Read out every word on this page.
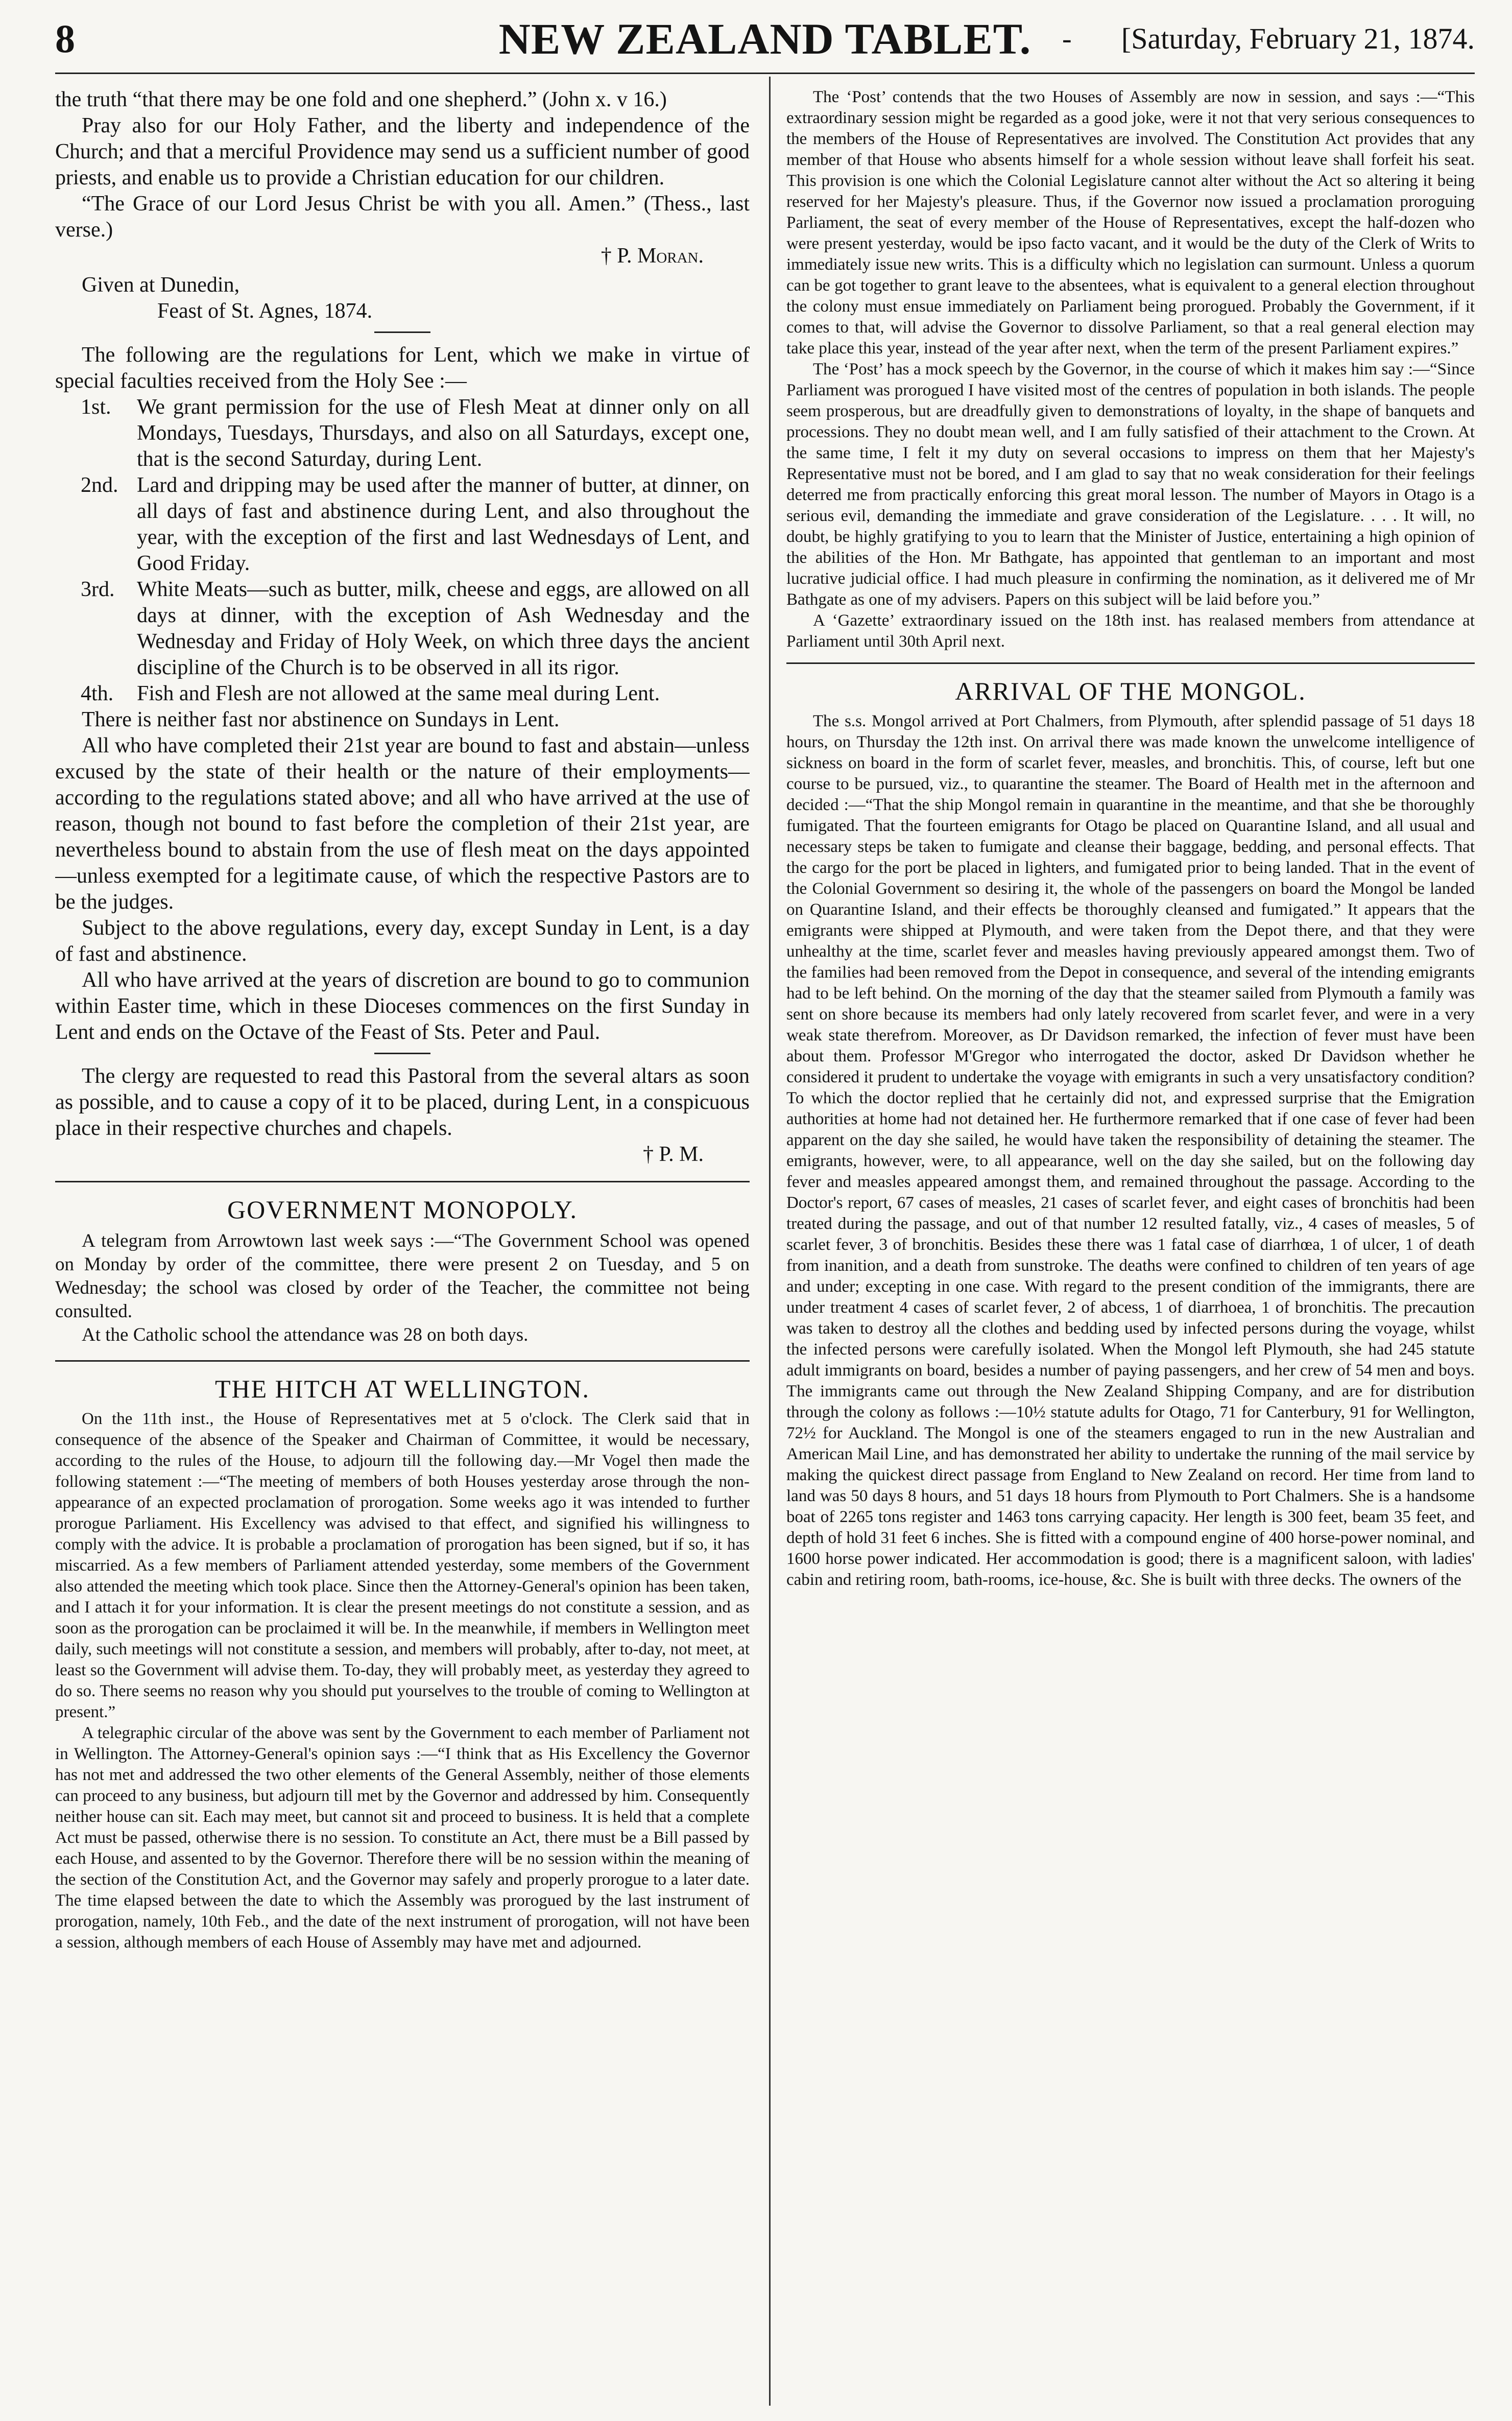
8	NEW ZEALAND TABLET.	- [Saturday, February 21, 1874.

the truth “that there may be one fold and one shepherd.” (John x. v 16.)

Pray also for our Holy Father, and the liberty and independence of the Church; and that a merciful Providence may send us a sufficient number of good priests, and enable us to provide a Christian education for our children.

“The Grace of our Lord Jesus Christ be with you all. Amen.” (Thess., last verse.)

† P. Moran.

Given at Dunedin,

Feast of St. Agnes, 1874.

The following are the regulations for Lent, which we make in virtue of special faculties received from the Holy See :—

1st.	We grant permission for the use of Flesh Meat at dinner only on all Mondays, Tuesdays, Thursdays, and also on all Saturdays, except one, that is the second Saturday, during Lent.
2nd. Lard and dripping may be used after the manner of butter, at dinner, on all days of fast and abstinence during Lent, and also throughout the year, with the exception of the first and last Wednesdays of Lent, and Good Friday.
3rd.	White Meats—such as butter, milk, cheese and eggs, are allowed on all days at dinner, with the exception of Ash Wednesday and the Wednesday and Friday of Holy Week, on which three days the ancient discipline of the Church is to be observed in all its rigor.
4th.	Fish and Flesh are not allowed at the same meal during Lent.

There is neither fast nor abstinence on Sundays in Lent.

All who have completed their 21st year are bound to fast and abstain—unless excused by the state of their health or the nature of their employments—according to the regulations stated above; and all who have arrived at the use of reason, though not bound to fast before the completion of their 21st year, are nevertheless bound to abstain from the use of flesh meat on the days appointed—unless exempted for a legitimate cause, of which the respective Pastors are to be the judges.

Subject to the above regulations, every day, except Sunday in Lent, is a day of fast and abstinence.

All who have arrived at the years of discretion are bound to go to communion within Easter time, which in these Dioceses commences on the first Sunday in Lent and ends on the Octave of the Feast of Sts. Peter and Paul.

The clergy are requested to read this Pastoral from the several altars as soon as possible, and to cause a copy of it to be placed, during Lent, in a conspicuous place in their respective churches and chapels.

† P. M.

GOVERNMENT MONOPOLY.

A telegram from Arrowtown last week says :—“The Government School was opened on Monday by order of the committee, there were present 2 on Tuesday, and 5 on Wednesday; the school was closed by order of the Teacher, the committee not being consulted.

At the Catholic school the attendance was 28 on both days.

THE HITCH AT WELLINGTON.

On the 11th inst., the House of Representatives met at 5 o'clock. The Clerk said that in consequence of the absence of the Speaker and Chairman of Committee, it would be necessary, according to the rules of the House, to adjourn till the following day.—Mr Vogel then made the following statement :—“The meeting of members of both Houses yesterday arose through the non-appearance of an expected proclamation of prorogation. Some weeks ago it was intended to further prorogue Parliament. His Excellency was advised to that effect, and signified his willingness to comply with the advice. It is probable a proclamation of prorogation has been signed, but if so, it has miscarried. As a few members of Parliament attended yesterday, some members of the Government also attended the meeting which took place. Since then the Attorney-General's opinion has been taken, and I attach it for your information. It is clear the present meetings do not constitute a session, and as soon as the prorogation can be proclaimed it will be. In the meanwhile, if members in Wellington meet daily, such meetings will not constitute a session, and members will probably, after to-day, not meet, at least so the Government will advise them. To-day, they will probably meet, as yesterday they agreed to do so. There seems no reason why you should put yourselves to the trouble of coming to Wellington at present.”

A telegraphic circular of the above was sent by the Government to each member of Parliament not in Wellington. The Attorney-General's opinion says :—“I think that as His Excellency the Governor has not met and addressed the two other elements of the General Assembly, neither of those elements can proceed to any business, but adjourn till met by the Governor and addressed by him. Consequently neither house can sit. Each may meet, but cannot sit and proceed to business. It is held that a complete Act must be passed, otherwise there is no session. To constitute an Act, there must be a Bill passed by each House, and assented to by the Governor. Therefore there will be no session within the meaning of the section of the Constitution Act, and the Governor may safely and properly prorogue to a later date. The time elapsed between the date to which the Assembly was prorogued by the last instrument of prorogation, namely, 10th Feb., and the date of the next instrument of prorogation, will not have been a session, although members of each House of Assembly may have met and adjourned.

The ‘Post’ contends that the two Houses of Assembly are now in session, and says :—“This extraordinary session might be regarded as a good joke, were it not that very serious consequences to the members of the House of Representatives are involved. The Constitution Act provides that any member of that House who absents himself for a whole session without leave shall forfeit his seat. This provision is one which the Colonial Legislature cannot alter without the Act so altering it being reserved for her Majesty's pleasure. Thus, if the Governor now issued a proclamation proroguing Parliament, the seat of every member of the House of Representatives, except the half-dozen who were present yesterday, would be ipso facto vacant, and it would be the duty of the Clerk of Writs to immediately issue new writs. This is a difficulty which no legislation can surmount. Unless a quorum can be got together to grant leave to the absentees, what is equivalent to a general election throughout the colony must ensue immediately on Parliament being prorogued. Probably the Government, if it comes to that, will advise the Governor to dissolve Parliament, so that a real general election may take place this year, instead of the year after next, when the term of the present Parliament expires.”

The ‘Post’ has a mock speech by the Governor, in the course of which it makes him say :—“Since Parliament was prorogued I have visited most of the centres of population in both islands. The people seem prosperous, but are dreadfully given to demonstrations of loyalty, in the shape of banquets and processions. They no doubt mean well, and I am fully satisfied of their attachment to the Crown. At the same time, I felt it my duty on several occasions to impress on them that her Majesty's Representative must not be bored, and I am glad to say that no weak consideration for their feelings deterred me from practically enforcing this great moral lesson. The number of Mayors in Otago is a serious evil, demanding the immediate and grave consideration of the Legislature. . . . It will, no doubt, be highly gratifying to you to learn that the Minister of Justice, entertaining a high opinion of the abilities of the Hon. Mr Bathgate, has appointed that gentleman to an important and most lucrative judicial office. I had much pleasure in confirming the nomination, as it delivered me of Mr Bathgate as one of my advisers. Papers on this subject will be laid before you.”

A ‘Gazette’ extraordinary issued on the 18th inst. has realased members from attendance at Parliament until 30th April next.

ARRIVAL OF THE MONGOL.

The s.s. Mongol arrived at Port Chalmers, from Plymouth, after splendid passage of 51 days 18 hours, on Thursday the 12th inst. On arrival there was made known the unwelcome intelligence of sickness on board in the form of scarlet fever, measles, and bronchitis. This, of course, left but one course to be pursued, viz., to quarantine the steamer. The Board of Health met in the afternoon and decided :—“That the ship Mongol remain in quarantine in the meantime, and that she be thoroughly fumigated. That the fourteen emigrants for Otago be placed on Quarantine Island, and all usual and necessary steps be taken to fumigate and cleanse their baggage, bedding, and personal effects. That the cargo for the port be placed in lighters, and fumigated prior to being landed. That in the event of the Colonial Government so desiring it, the whole of the passengers on board the Mongol be landed on Quarantine Island, and their effects be thoroughly cleansed and fumigated.” It appears that the emigrants were shipped at Plymouth, and were taken from the Depot there, and that they were unhealthy at the time, scarlet fever and measles having previously appeared amongst them. Two of the families had been removed from the Depot in consequence, and several of the intending emigrants had to be left behind. On the morning of the day that the steamer sailed from Plymouth a family was sent on shore because its members had only lately recovered from scarlet fever, and were in a very weak state therefrom. Moreover, as Dr Davidson remarked, the infection of fever must have been about them. Professor M'Gregor who interrogated the doctor, asked Dr Davidson whether he considered it prudent to undertake the voyage with emigrants in such a very unsatisfactory condition? To which the doctor replied that he certainly did not, and expressed surprise that the Emigration authorities at home had not detained her. He furthermore remarked that if one case of fever had been apparent on the day she sailed, he would have taken the responsibility of detaining the steamer. The emigrants, however, were, to all appearance, well on the day she sailed, but on the following day fever and measles appeared amongst them, and remained throughout the passage. According to the Doctor's report, 67 cases of measles, 21 cases of scarlet fever, and eight cases of bronchitis had been treated during the passage, and out of that number 12 resulted fatally, viz., 4 cases of measles, 5 of scarlet fever, 3 of bronchitis. Besides these there was 1 fatal case of diarrhœa, 1 of ulcer, 1 of death from inanition, and a death from sunstroke. The deaths were confined to children of ten years of age and under; excepting in one case. With regard to the present condition of the immigrants, there are under treatment 4 cases of scarlet fever, 2 of abcess, 1 of diarrhoea, 1 of bronchitis. The precaution was taken to destroy all the clothes and bedding used by infected persons during the voyage, whilst the infected persons were carefully isolated. When the Mongol left Plymouth, she had 245 statute adult immigrants on board, besides a number of paying passengers, and her crew of 54 men and boys. The immigrants came out through the New Zealand Shipping Company, and are for distribution through the colony as follows :—10½ statute adults for Otago, 71 for Canterbury, 91 for Wellington, 72½ for Auckland. The Mongol is one of the steamers engaged to run in the new Australian and American Mail Line, and has demonstrated her ability to undertake the running of the mail service by making the quickest direct passage from England to New Zealand on record. Her time from land to land was 50 days 8 hours, and 51 days 18 hours from Plymouth to Port Chalmers. She is a handsome boat of 2265 tons register and 1463 tons carrying capacity. Her length is 300 feet, beam 35 feet, and depth of hold 31 feet 6 inches. She is fitted with a compound engine of 400 horse-power nominal, and 1600 horse power indicated. Her accommodation is good; there is a magnificent saloon, with ladies' cabin and retiring room, bath-rooms, ice-house, &c. She is built with three decks. The owners of the
